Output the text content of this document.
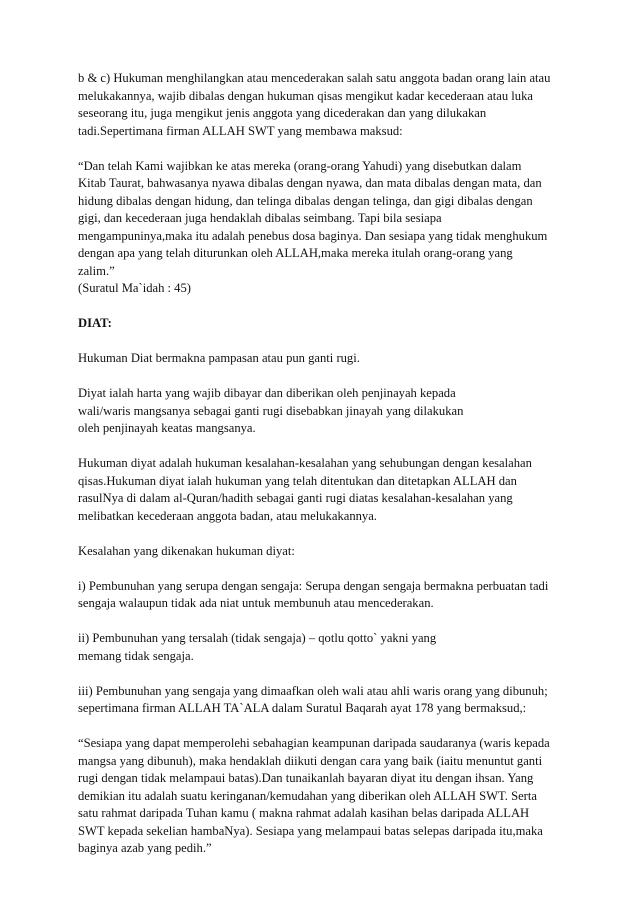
b & c) Hukuman menghilangkan atau mencederakan salah satu anggota badan orang lain atau
melukakannya, wajib dibalas dengan hukuman qisas mengikut kadar kecederaan atau luka
seseorang itu, juga mengikut jenis anggota yang dicederakan dan yang dilukakan
tadi.Sepertimana firman ALLAH SWT yang membawa maksud:
“Dan telah Kami wajibkan ke atas mereka (orang-orang Yahudi) yang disebutkan dalam
Kitab Taurat, bahwasanya nyawa dibalas dengan nyawa, dan mata dibalas dengan mata, dan
hidung dibalas dengan hidung, dan telinga dibalas dengan telinga, dan gigi dibalas dengan
gigi, dan kecederaan juga hendaklah dibalas seimbang. Tapi bila sesiapa
mengampuninya,maka itu adalah penebus dosa baginya. Dan sesiapa yang tidak menghukum
dengan apa yang telah diturunkan oleh ALLAH,maka mereka itulah orang-orang yang
zalim.”
(Suratul Ma`idah : 45)
DIAT:
Hukuman Diat bermakna pampasan atau pun ganti rugi.
Diyat ialah harta yang wajib dibayar dan diberikan oleh penjinayah kepada
wali/waris mangsanya sebagai ganti rugi disebabkan jinayah yang dilakukan
oleh penjinayah keatas mangsanya.
Hukuman diyat adalah hukuman kesalahan-kesalahan yang sehubungan dengan kesalahan
qisas.Hukuman diyat ialah hukuman yang telah ditentukan dan ditetapkan ALLAH dan
rasulNya di dalam al-Quran/hadith sebagai ganti rugi diatas kesalahan-kesalahan yang
melibatkan kecederaan anggota badan, atau melukakannya.
Kesalahan yang dikenakan hukuman diyat:
i) Pembunuhan yang serupa dengan sengaja: Serupa dengan sengaja bermakna perbuatan tadi
sengaja walaupun tidak ada niat untuk membunuh atau mencederakan.
ii) Pembunuhan yang tersalah (tidak sengaja) – qotlu qotto` yakni yang
memang tidak sengaja.
iii) Pembunuhan yang sengaja yang dimaafkan oleh wali atau ahli waris orang yang dibunuh;
sepertimana firman ALLAH TA`ALA dalam Suratul Baqarah ayat 178 yang bermaksud,:
“Sesiapa yang dapat memperolehi sebahagian keampunan daripada saudaranya (waris kepada
mangsa yang dibunuh), maka hendaklah diikuti dengan cara yang baik (iaitu menuntut ganti
rugi dengan tidak melampaui batas).Dan tunaikanlah bayaran diyat itu dengan ihsan. Yang
demikian itu adalah suatu keringanan/kemudahan yang diberikan oleh ALLAH SWT. Serta
satu rahmat daripada Tuhan kamu ( makna rahmat adalah kasihan belas daripada ALLAH
SWT kepada sekelian hambaNya). Sesiapa yang melampaui batas selepas daripada itu,maka
baginya azab yang pedih.”
